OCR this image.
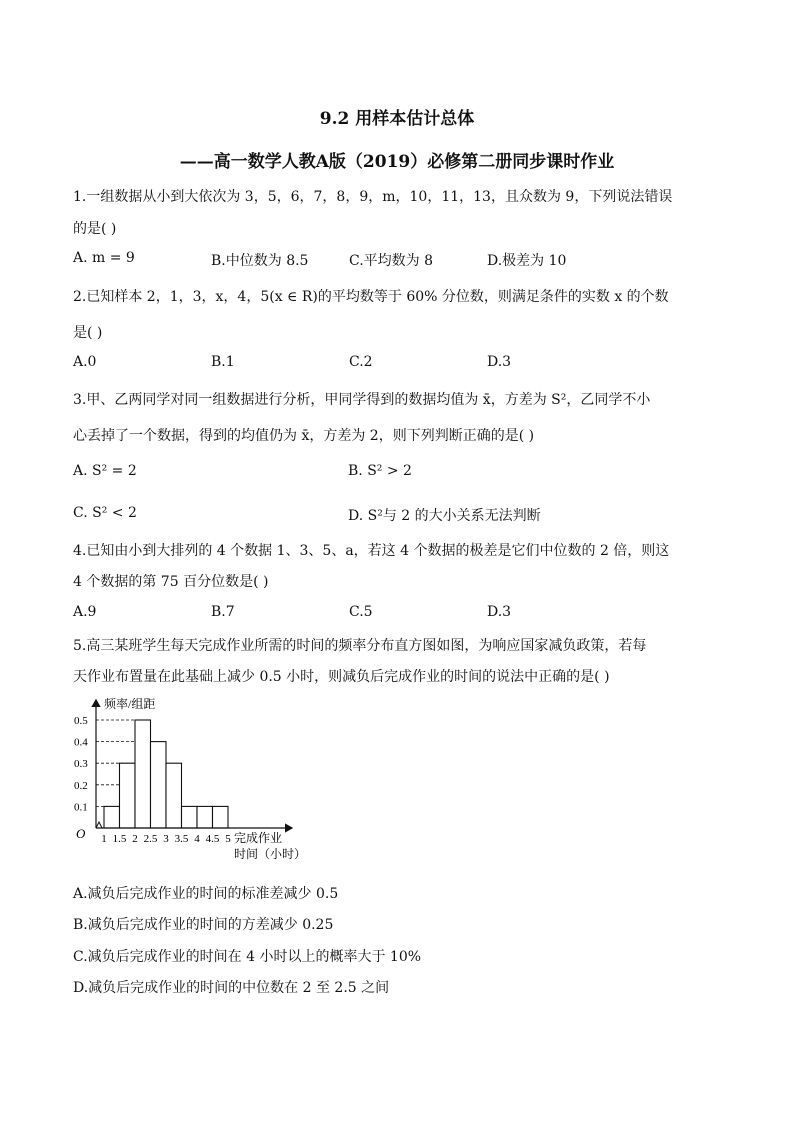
9.2 用样本估计总体
——高一数学人教A版（2019）必修第二册同步课时作业
1.一组数据从小到大依次为 3，5，6，7，8，9，m，10，11，13，且众数为 9，下列说法错误
的是( )
A. m = 9	B.中位数为 8.5	C.平均数为 8	D.极差为 10
2.已知样本 2，1，3，x，4，5(x ∈ R)的平均数等于 60% 分位数，则满足条件的实数 x 的个数
是( )
A.0	B.1	C.2	D.3
3.甲、乙两同学对同一组数据进行分析，甲同学得到的数据均值为 x̄，方差为 S²，乙同学不小
心丢掉了一个数据，得到的均值仍为 x̄，方差为 2，则下列判断正确的是( )
A. S² = 2	B. S² > 2
C. S² < 2	D. S²与 2 的大小关系无法判断
4.已知由小到大排列的 4 个数据 1、3、5、a，若这 4 个数据的极差是它们中位数的 2 倍，则这
4 个数据的第 75 百分位数是( )
A.9	B.7	C.5	D.3
5.高三某班学生每天完成作业所需的时间的频率分布直方图如图，为响应国家减负政策，若每
天作业布置量在此基础上减少 0.5 小时，则减负后完成作业的时间的说法中正确的是( )
0.1
0.2
0.3
0.4
0.5
1 1.5 2 2.5 3 3.5 4 4.5 5
O
频率/组距
完成作业
时间（小时）
A.减负后完成作业的时间的标准差减少 0.5
B.减负后完成作业的时间的方差减少 0.25
C.减负后完成作业的时间在 4 小时以上的概率大于 10%
D.减负后完成作业的时间的中位数在 2 至 2.5 之间
